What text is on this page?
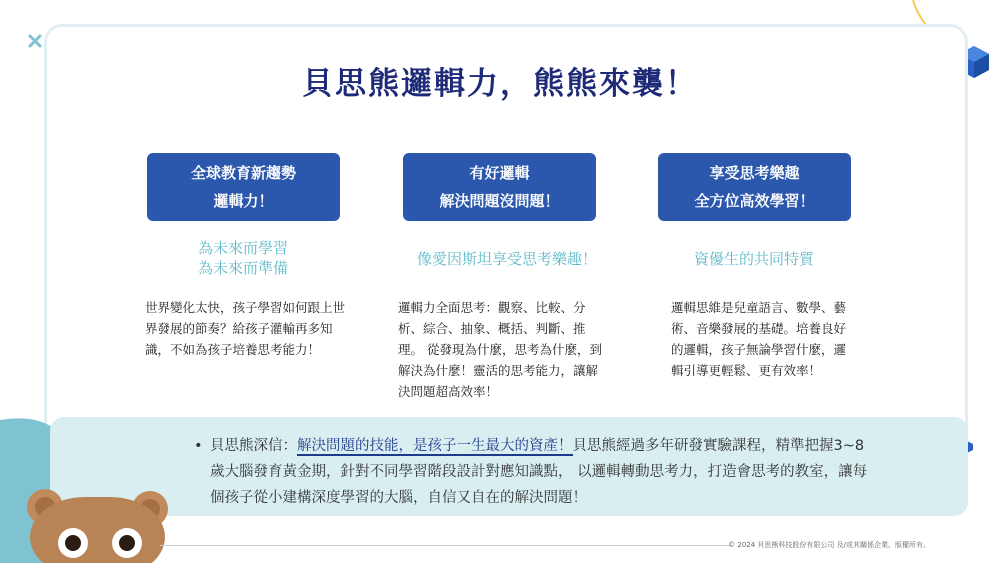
貝思熊邏輯力，熊熊來襲！
全球教育新趨勢
邏輯力！
為未來而學習
為未來而準備
世界變化太快，孩子學習如何跟上世界發展的節奏？給孩子灌輸再多知識，不如為孩子培養思考能力！
有好邏輯
解決問題沒問題！
像愛因斯坦享受思考樂趣！
邏輯力全面思考：觀察、比較、分析、綜合、抽象、概括、判斷、推理。 從發現為什麼，思考為什麼，到解決為什麼！靈活的思考能力，讓解決問題超高效率！
享受思考樂趣
全方位高效學習！
資優生的共同特質
邏輯思維是兒童語言、數學、藝術、音樂發展的基礎。培養良好的邏輯，孩子無論學習什麼，邏輯引導更輕鬆、更有效率！
• 貝思熊深信：解決問題的技能，是孩子一生最大的資產！貝思熊經過多年研發實驗課程，精準把握3~8歲大腦發育黃金期，針對不同學習階段設計對應知識點， 以邏輯轉動思考力，打造會思考的教室，讓每個孩子從小建構深度學習的大腦，自信又自在的解決問題！
© 2024 貝思熊科技股份有限公司 及/或其關係企業。版權所有。
